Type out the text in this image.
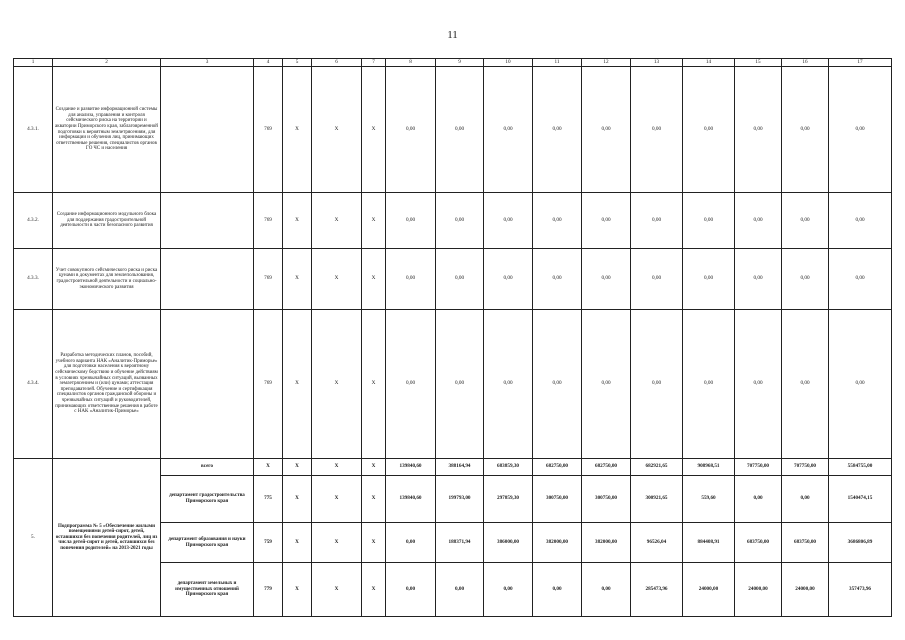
11
1	2	3	4	5	6	7	8	9	10	11	12	13	14	15	16	17
4.3.1.	Создание и развитие информационной системы для анализа, управления и контроля сейсмического риска на территории и акватории Приморского края, заблаговременной подготовки к вероятным землетрясениям, для информации и обучения лиц, принимающих ответственные решения, специалистов органов ГО ЧС и населения		769	X	X	X	0,00	0,00	0,00	0,00	0,00	0,00	0,00	0,00	0,00	0,00
4.3.2.	Создание информационного модульного блока для поддержания градостроительной деятельности в части безопасного развития		769	X	X	X	0,00	0,00	0,00	0,00	0,00	0,00	0,00	0,00	0,00	0,00
4.3.3.	Учет совокупного сейсмического риска и риска цунами в документах для землепользования, градостроительной деятельности и социально-экономического развития		769	X	X	X	0,00	0,00	0,00	0,00	0,00	0,00	0,00	0,00	0,00	0,00
4.3.4.	Разработка методических планов, пособий, учебного варианта НАК «Аналитик-Приморье» для подготовки населения к вероятному сейсмическому бедствию и обучение действиям в условиях чрезвычайных ситуаций, вызванных землетрясением и (или) цунами; аттестация преподавателей. Обучение и сертификация специалистов органов гражданской обороны и чрезвычайных ситуаций и руководителей, принимающих ответственные решения в работе с НАК «Аналитик-Приморье»		769	X	X	X	0,00	0,00	0,00	0,00	0,00	0,00	0,00	0,00	0,00	0,00
5.	Подпрограмма № 5 «Обеспечение жилыми помещениями детей-сирот, детей, оставшихся без попечения родителей, лиц из числа детей-сирот и детей, оставшихся без попечения родителей» на 2013-2021 годы	всего	X	X	X	X	139840,60	388164,94	683859,30	682750,00	682750,00	682921,65	908968,51	707750,00	707750,00	5584755,00
		департамент градостроительства Приморского края	775	X	X	X	139840,60	199793,00	297859,30	300750,00	300750,00	300921,65	559,60	0,00	0,00	1540474,15
		департамент образования и науки Приморского края	759	X	X	X	0,00	188371,94	386000,00	382000,00	382000,00	96526,04	884408,91	683750,00	683750,00	3686806,89
		департамент земельных и имущественных отношений Приморского края	779	X	X	X	0,00	0,00	0,00	0,00	0,00	285473,96	24000,00	24000,00	24000,00	357473,96
